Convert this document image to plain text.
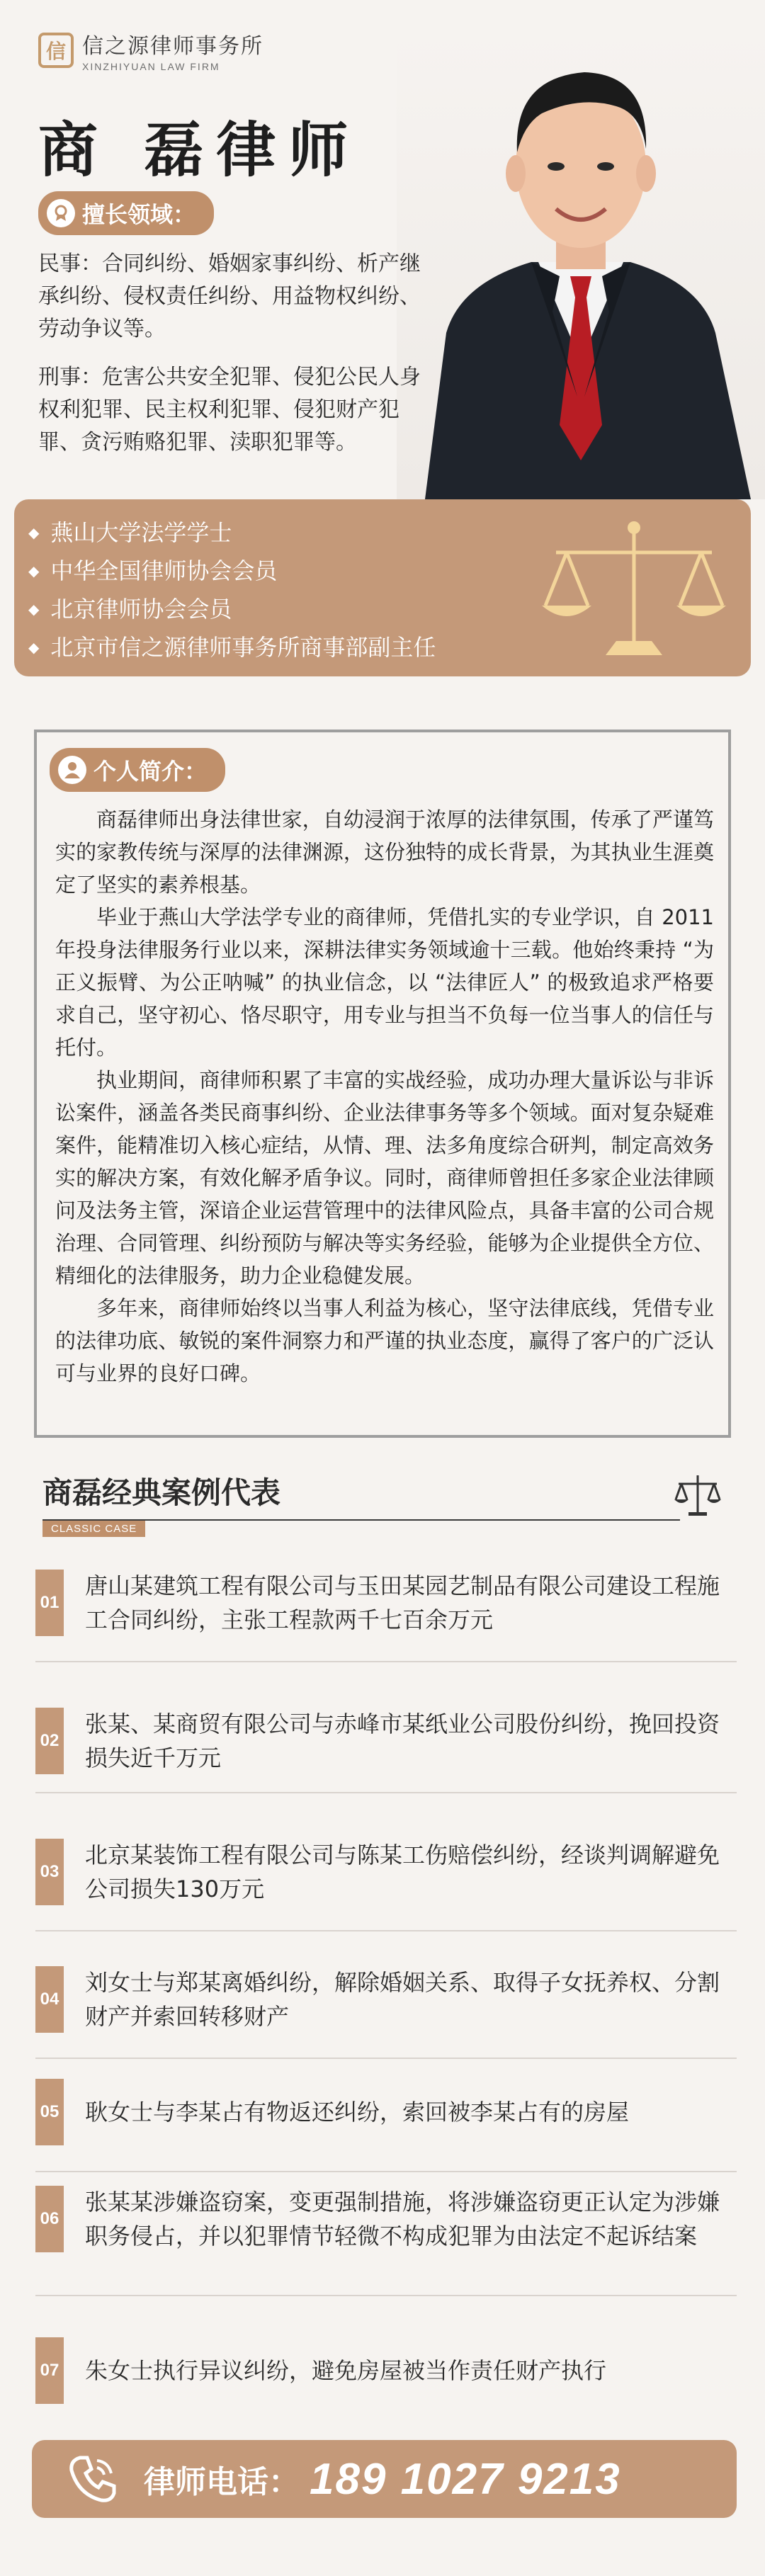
信 信之源律师事务所
XINZHIYUAN LAW FIRM
商 磊律师
擅长领域：

民事：合同纠纷、婚姻家事纠纷、析产继承纠纷、侵权责任纠纷、用益物权纠纷、劳动争议等。

刑事：危害公共安全犯罪、侵犯公民人身权利犯罪、民主权利犯罪、侵犯财产犯罪、贪污贿赂犯罪、渎职犯罪等。

◆ 燕山大学法学学士
◆ 中华全国律师协会会员
◆ 北京律师协会会员
◆ 北京市信之源律师事务所商事部副主任
个人简介：

商磊律师出身法律世家，自幼浸润于浓厚的法律氛围，传承了严谨笃实的家教传统与深厚的法律渊源，这份独特的成长背景，为其执业生涯奠定了坚实的素养根基。

毕业于燕山大学法学专业的商律师，凭借扎实的专业学识，自 2011 年投身法律服务行业以来，深耕法律实务领域逾十三载。他始终秉持 “为正义振臂、为公正呐喊” 的执业信念，以 “法律匠人” 的极致追求严格要求自己，坚守初心、恪尽职守，用专业与担当不负每一位当事人的信任与托付。

执业期间，商律师积累了丰富的实战经验，成功办理大量诉讼与非诉讼案件，涵盖各类民商事纠纷、企业法律事务等多个领域。面对复杂疑难案件，能精准切入核心症结，从情、理、法多角度综合研判，制定高效务实的解决方案，有效化解矛盾争议。同时，商律师曾担任多家企业法律顾问及法务主管，深谙企业运营管理中的法律风险点，具备丰富的公司合规治理、合同管理、纠纷预防与解决等实务经验，能够为企业提供全方位、精细化的法律服务，助力企业稳健发展。

多年来，商律师始终以当事人利益为核心，坚守法律底线，凭借专业的法律功底、敏锐的案件洞察力和严谨的执业态度，赢得了客户的广泛认可与业界的良好口碑。

商磊经典案例代表
CLASSIC CASE
01
唐山某建筑工程有限公司与玉田某园艺制品有限公司建设工程施工合同纠纷，主张工程款两千七百余万元
02
张某、某商贸有限公司与赤峰市某纸业公司股份纠纷，挽回投资损失近千万元
03
北京某装饰工程有限公司与陈某工伤赔偿纠纷，经谈判调解避免公司损失130万元
04
刘女士与郑某离婚纠纷，解除婚姻关系、取得子女抚养权、分割财产并索回转移财产
05 耿女士与李某占有物返还纠纷，索回被李某占有的房屋
06
张某某涉嫌盗窃案，变更强制措施，将涉嫌盗窃更正认定为涉嫌职务侵占，并以犯罪情节轻微不构成犯罪为由法定不起诉结案
07 朱女士执行异议纠纷，避免房屋被当作责任财产执行
律师电话： 189 1027 9213
